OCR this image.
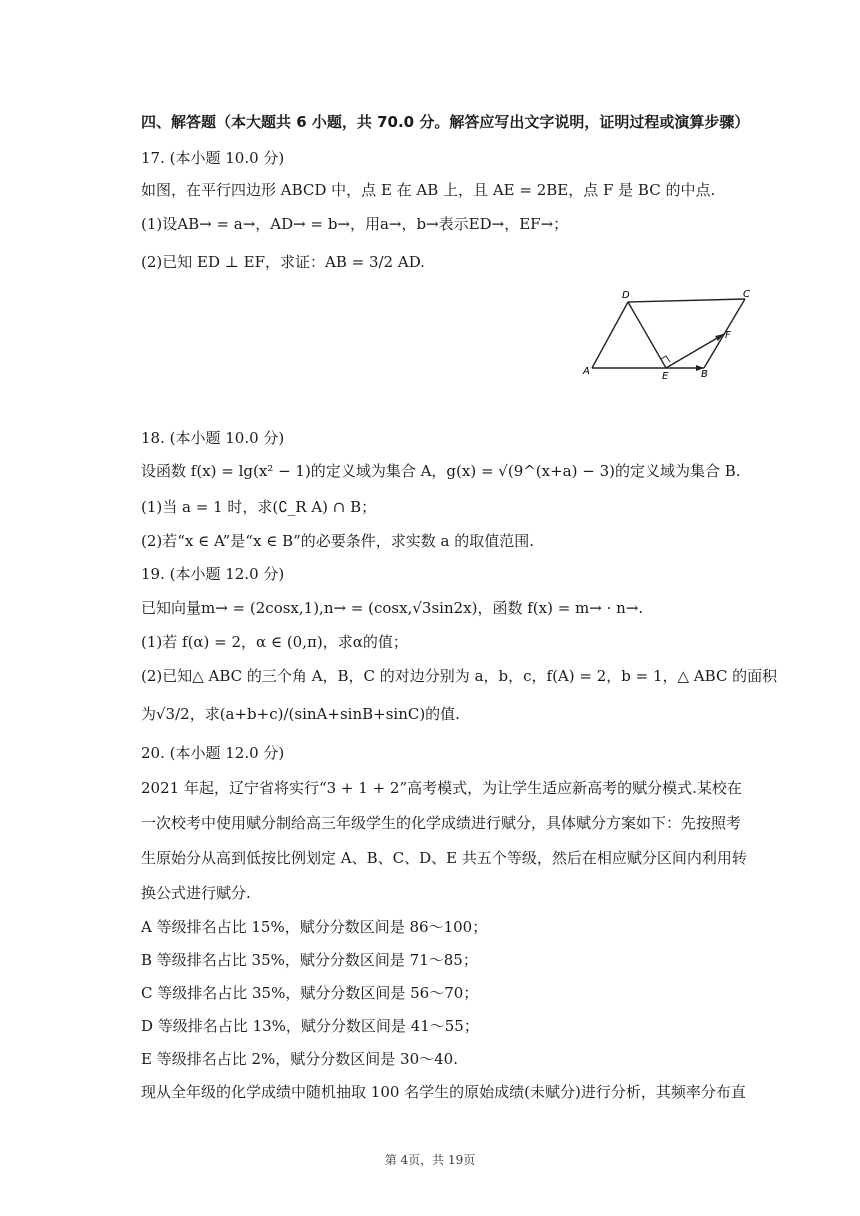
四、解答题（本大题共 6 小题，共 70.0 分。解答应写出文字说明，证明过程或演算步骤）
17. (本小题 10.0 分)
如图，在平行四边形 ABCD 中，点 E 在 AB 上，且 AE = 2BE，点 F 是 BC 的中点.
(1)设AB→ = a→，AD→ = b→，用a→，b→表示ED→，EF→；
(2)已知 ED ⊥ EF，求证：AB = 3/2 AD.
D	C
F
A	E	B
18. (本小题 10.0 分)
设函数 f(x) = lg(x² − 1)的定义域为集合 A，g(x) = √(9^(x+a) − 3)的定义域为集合 B.
(1)当 a = 1 时，求(∁_R A) ∩ B；
(2)若“x ∈ A”是“x ∈ B”的必要条件，求实数 a 的取值范围.
19. (本小题 12.0 分)
已知向量m→ = (2cosx,1),n→ = (cosx,√3sin2x)，函数 f(x) = m→ · n→.
(1)若 f(α) = 2，α ∈ (0,π)，求α的值；
(2)已知△ ABC 的三个角 A，B，C 的对边分别为 a，b，c，f(A) = 2，b = 1，△ ABC 的面积
为√3/2，求(a+b+c)/(sinA+sinB+sinC)的值.
20. (本小题 12.0 分)
2021 年起，辽宁省将实行“3 + 1 + 2”高考模式，为让学生适应新高考的赋分模式.某校在
一次校考中使用赋分制给高三年级学生的化学成绩进行赋分，具体赋分方案如下：先按照考
生原始分从高到低按比例划定 A、B、C、D、E 共五个等级，然后在相应赋分区间内利用转
换公式进行赋分.
A 等级排名占比 15%，赋分分数区间是 86～100；
B 等级排名占比 35%，赋分分数区间是 71～85；
C 等级排名占比 35%，赋分分数区间是 56～70；
D 等级排名占比 13%，赋分分数区间是 41～55；
E 等级排名占比 2%，赋分分数区间是 30～40.
现从全年级的化学成绩中随机抽取 100 名学生的原始成绩(未赋分)进行分析，其频率分布直
第 4页，共 19页
